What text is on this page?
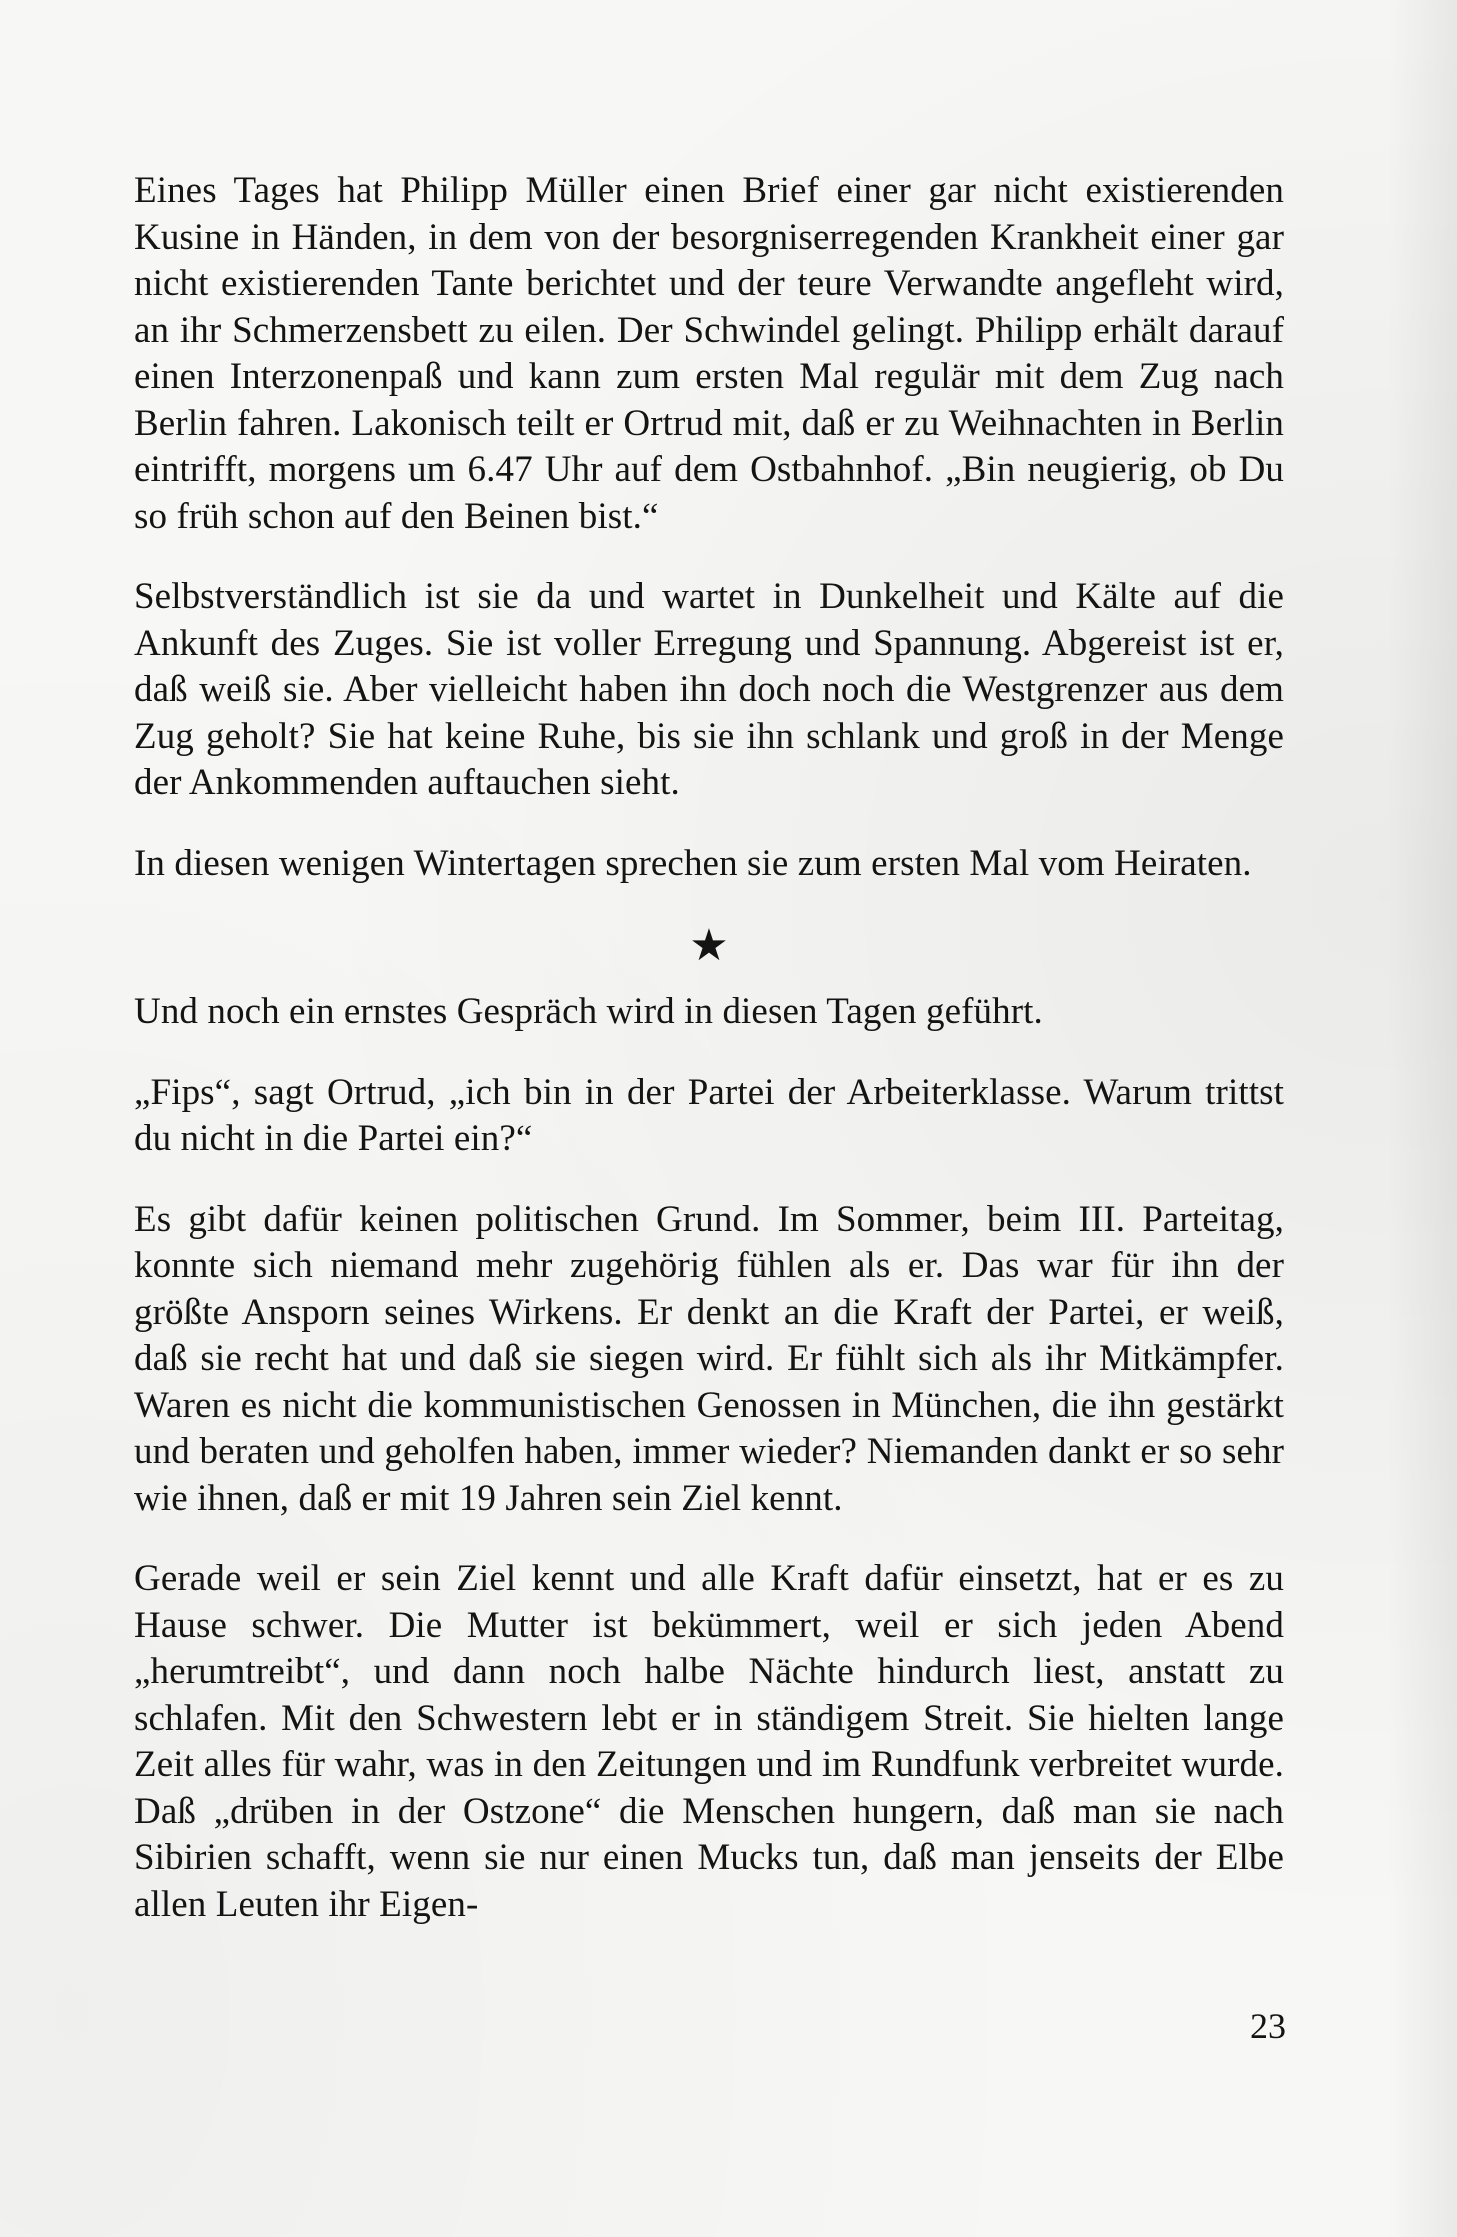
Eines Tages hat Philipp Müller einen Brief einer gar nicht existierenden Kusine in Händen, in dem von der besorgniserregenden Krankheit einer gar nicht existierenden Tante berichtet und der teure Verwandte angefleht wird, an ihr Schmerzensbett zu eilen. Der Schwindel gelingt. Philipp erhält darauf einen Interzonenpaß und kann zum ersten Mal regulär mit dem Zug nach Berlin fahren. Lakonisch teilt er Ortrud mit, daß er zu Weihnachten in Berlin eintrifft, morgens um 6.47 Uhr auf dem Ostbahnhof. „Bin neugierig, ob Du so früh schon auf den Beinen bist.“

Selbstverständlich ist sie da und wartet in Dunkelheit und Kälte auf die Ankunft des Zuges. Sie ist voller Erregung und Spannung. Abgereist ist er, daß weiß sie. Aber vielleicht haben ihn doch noch die Westgrenzer aus dem Zug geholt? Sie hat keine Ruhe, bis sie ihn schlank und groß in der Menge der Ankommenden auftauchen sieht.

In diesen wenigen Wintertagen sprechen sie zum ersten Mal vom Heiraten.

★

Und noch ein ernstes Gespräch wird in diesen Tagen geführt.

„Fips“, sagt Ortrud, „ich bin in der Partei der Arbeiterklasse. Warum trittst du nicht in die Partei ein?“

Es gibt dafür keinen politischen Grund. Im Sommer, beim III. Parteitag, konnte sich niemand mehr zugehörig fühlen als er. Das war für ihn der größte Ansporn seines Wirkens. Er denkt an die Kraft der Partei, er weiß, daß sie recht hat und daß sie siegen wird. Er fühlt sich als ihr Mitkämpfer. Waren es nicht die kommunistischen Genossen in München, die ihn gestärkt und beraten und geholfen haben, immer wieder? Niemanden dankt er so sehr wie ihnen, daß er mit 19 Jahren sein Ziel kennt.

Gerade weil er sein Ziel kennt und alle Kraft dafür einsetzt, hat er es zu Hause schwer. Die Mutter ist bekümmert, weil er sich jeden Abend „herumtreibt“, und dann noch halbe Nächte hindurch liest, anstatt zu schlafen. Mit den Schwestern lebt er in ständigem Streit. Sie hielten lange Zeit alles für wahr, was in den Zeitungen und im Rundfunk verbreitet wurde. Daß „drüben in der Ostzone“ die Menschen hungern, daß man sie nach Sibirien schafft, wenn sie nur einen Mucks tun, daß man jenseits der Elbe allen Leuten ihr Eigen-

23
